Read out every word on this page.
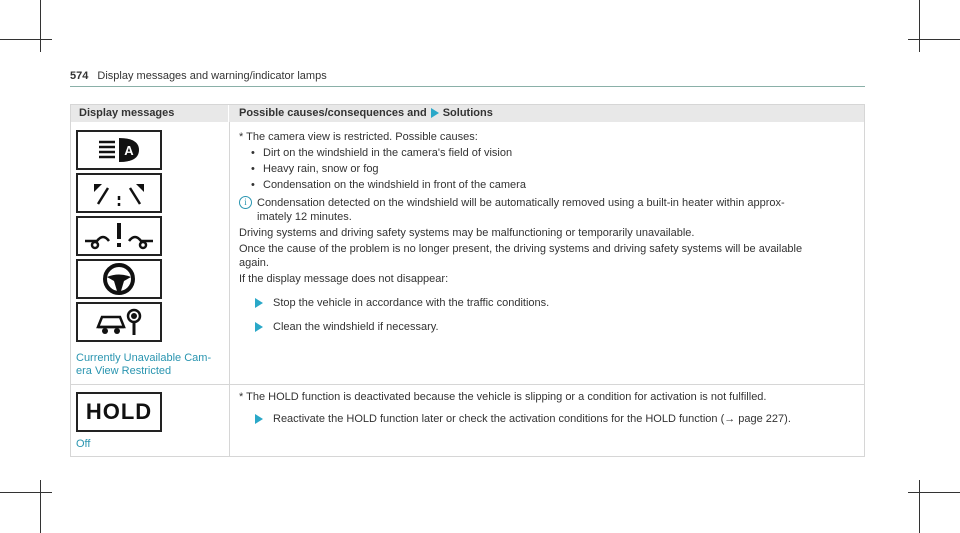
574 Display messages and warning/indicator lamps
Display messages	Possible causes/consequences and Solutions
A
Currently Unavailable Cam-
era View Restricted

* The camera view is restricted. Possible causes:

• Dirt on the windshield in the camera's field of vision

• Heavy rain, snow or fog

• Condensation on the windshield in front of the camera

i Condensation detected on the windshield will be automatically removed using a built-in heater within approx-

imately 12 minutes.

Driving systems and driving safety systems may be malfunctioning or temporarily unavailable.

Once the cause of the problem is no longer present, the driving systems and driving safety systems will be available

again.

If the display message does not disappear:

Stop the vehicle in accordance with the traffic conditions.

Clean the windshield if necessary.

HOLD
Off

* The HOLD function is deactivated because the vehicle is slipping or a condition for activation is not fulfilled.

Reactivate the HOLD function later or check the activation conditions for the HOLD function (→ page 227).
